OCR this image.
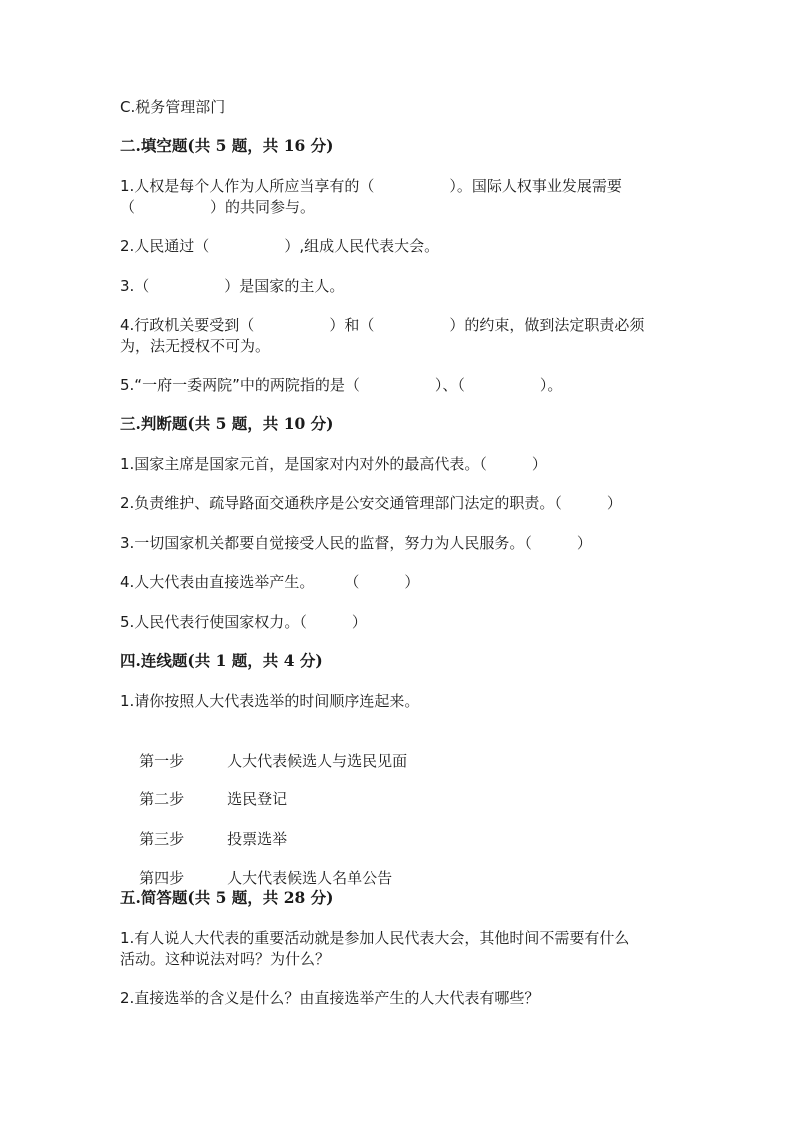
C.税务管理部门
二.填空题(共 5 题，共 16 分)
1.人权是每个人作为人所应当享有的（　　　　　）。国际人权事业发展需要
（　　　　　）的共同参与。
2.人民通过（　　　　　）,组成人民代表大会。
3.（　　　　　）是国家的主人。
4.行政机关要受到（　　　　　）和（　　　　　）的约束，做到法定职责必须
为，法无授权不可为。
5.“一府一委两院”中的两院指的是（　　　　　）、（　　　　　）。
三.判断题(共 5 题，共 10 分)
1.国家主席是国家元首，是国家对内对外的最高代表。（　　　）
2.负责维护、疏导路面交通秩序是公安交通管理部门法定的职责。（　　　）
3.一切国家机关都要自觉接受人民的监督，努力为人民服务。（　　　）
4.人大代表由直接选举产生。　　　（　　　）
5.人民代表行使国家权力。（　　　）
四.连线题(共 1 题，共 4 分)
1.请你按照人大代表选举的时间顺序连起来。

第一步	人大代表候选人与选民见面

第二步	选民登记

第三步	投票选举

第四步	人大代表候选人名单公告

五.简答题(共 5 题，共 28 分)
1.有人说人大代表的重要活动就是参加人民代表大会，其他时间不需要有什么
活动。这种说法对吗？为什么？
2.直接选举的含义是什么？由直接选举产生的人大代表有哪些？
